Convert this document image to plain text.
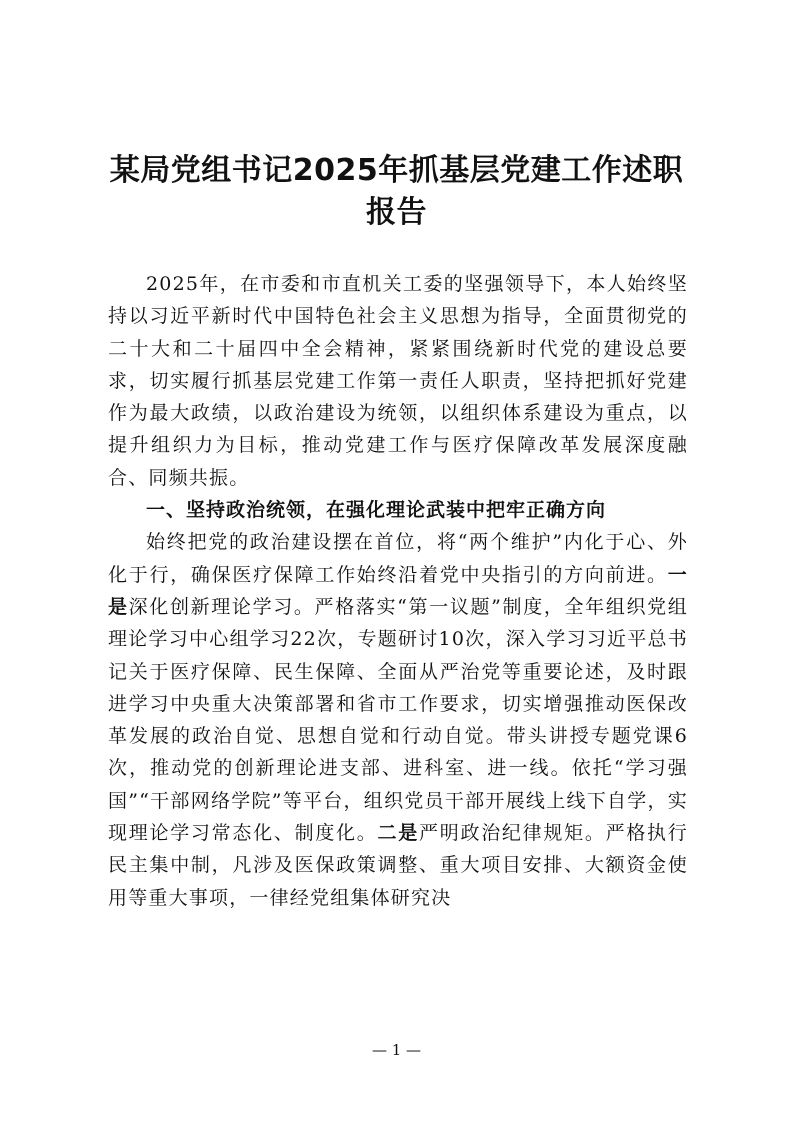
某局党组书记2025年抓基层党建工作述职报告

2025年，在市委和市直机关工委的坚强领导下，本人始终坚持以习近平新时代中国特色社会主义思想为指导，全面贯彻党的二十大和二十届四中全会精神，紧紧围绕新时代党的建设总要求，切实履行抓基层党建工作第一责任人职责，坚持把抓好党建作为最大政绩，以政治建设为统领，以组织体系建设为重点，以提升组织力为目标，推动党建工作与医疗保障改革发展深度融合、同频共振。

一、坚持政治统领，在强化理论武装中把牢正确方向

始终把党的政治建设摆在首位，将“两个维护”内化于心、外化于行，确保医疗保障工作始终沿着党中央指引的方向前进。一是深化创新理论学习。严格落实“第一议题”制度，全年组织党组理论学习中心组学习22次，专题研讨10次，深入学习习近平总书记关于医疗保障、民生保障、全面从严治党等重要论述，及时跟进学习中央重大决策部署和省市工作要求，切实增强推动医保改革发展的政治自觉、思想自觉和行动自觉。带头讲授专题党课6次，推动党的创新理论进支部、进科室、进一线。依托“学习强国”“干部网络学院”等平台，组织党员干部开展线上线下自学，实现理论学习常态化、制度化。二是严明政治纪律规矩。严格执行民主集中制，凡涉及医保政策调整、重大项目安排、大额资金使用等重大事项，一律经党组集体研究决

— 1 —
